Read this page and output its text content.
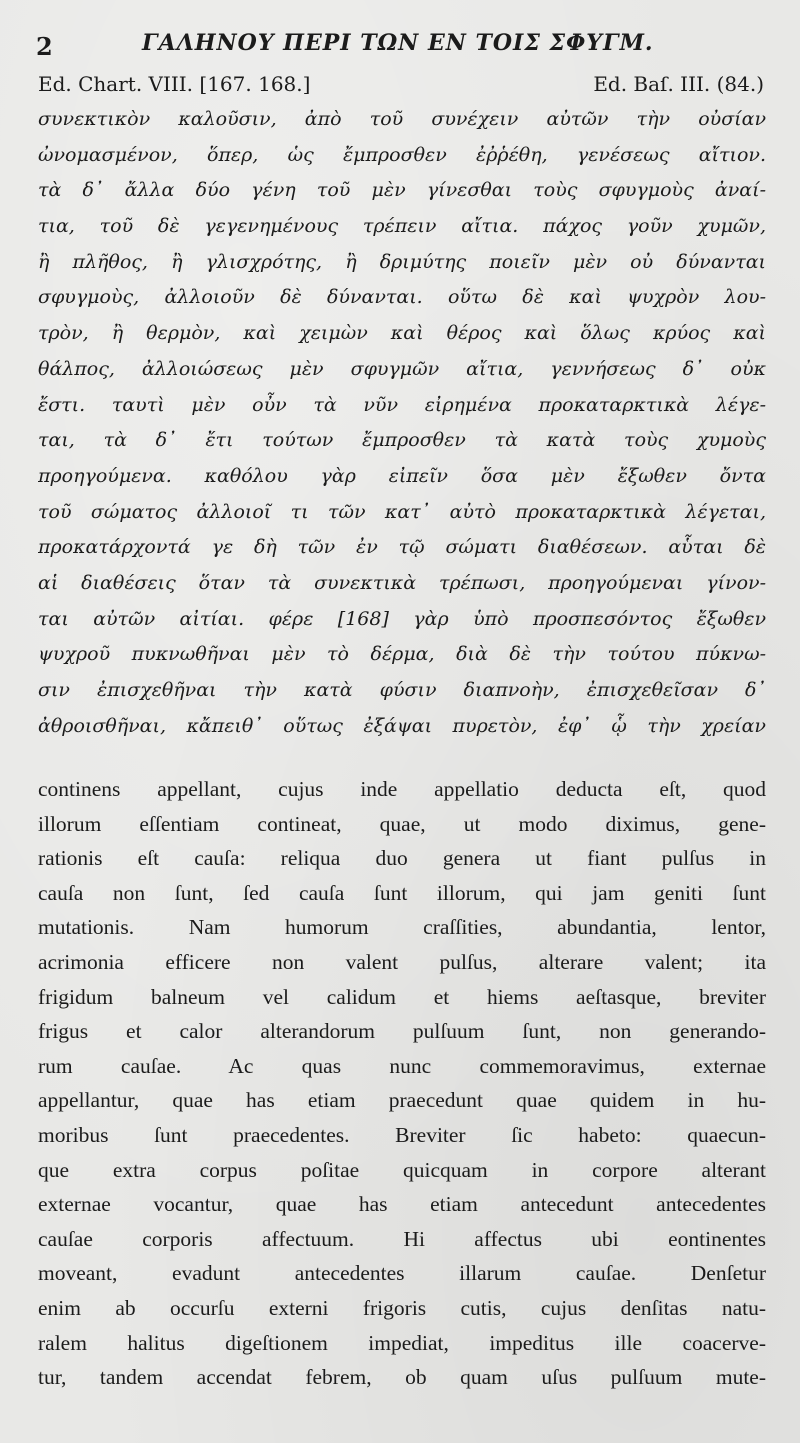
2	ΓΑΛΗΝΟΥ ΠΕΡΙ ΤΩΝ ΕΝ ΤΟΙΣ ΣΦΥΓΜ.
Ed. Chart. VIII. [167. 168.]	Ed. Baſ. III. (84.)
συνεκτικὸν καλοῦσιν, ἀπὸ τοῦ συνέχειν αὐτῶν τὴν οὐσίαν
ὠνομασμένον, ὅπερ, ὡς ἔμπροσθεν ἐῤῥέθη, γενέσεως αἴτιον.
τὰ δ᾽ ἄλλα δύο γένη τοῦ μὲν γίνεσθαι τοὺς σφυγμοὺς ἀναί-
τια, τοῦ δὲ γεγενημένους τρέπειν αἴτια. πάχος γοῦν χυμῶν,
ἢ πλῆθος, ἢ γλισχρότης, ἢ δριμύτης ποιεῖν μὲν οὐ δύνανται
σφυγμοὺς, ἀλλοιοῦν δὲ δύνανται. οὕτω δὲ καὶ ψυχρὸν λου-
τρὸν, ἢ θερμὸν, καὶ χειμὼν καὶ θέρος καὶ ὅλως κρύος καὶ
θάλπος, ἀλλοιώσεως μὲν σφυγμῶν αἴτια, γεννήσεως δ᾽ οὐκ
ἔστι. ταυτὶ μὲν οὖν τὰ νῦν εἰρημένα προκαταρκτικὰ λέγε-
ται, τὰ δ᾽ ἔτι τούτων ἔμπροσθεν τὰ κατὰ τοὺς χυμοὺς
προηγούμενα. καθόλου γὰρ εἰπεῖν ὅσα μὲν ἔξωθεν ὄντα
τοῦ σώματος ἀλλοιοῖ τι τῶν κατ᾽ αὐτὸ προκαταρκτικὰ λέγεται,
προκατάρχοντά γε δὴ τῶν ἐν τῷ σώματι διαθέσεων. αὗται δὲ
αἱ διαθέσεις ὅταν τὰ συνεκτικὰ τρέπωσι, προηγούμεναι γίνον-
ται αὐτῶν αἰτίαι. φέρε [168] γὰρ ὑπὸ προσπεσόντος ἔξωθεν
ψυχροῦ πυκνωθῆναι μὲν τὸ δέρμα, διὰ δὲ τὴν τούτου πύκνω-
σιν ἐπισχεθῆναι τὴν κατὰ φύσιν διαπνοὴν, ἐπισχεθεῖσαν δ᾽
ἀθροισθῆναι, κἄπειθ᾽ οὕτως ἐξάψαι πυρετὸν, ἐφ᾽ ᾧ τὴν χρείαν
continens appellant, cujus inde appellatio deducta eſt, quod
illorum eſſentiam contineat, quae, ut modo diximus, gene-
rationis eſt cauſa: reliqua duo genera ut fiant pulſus in
cauſa non ſunt, ſed cauſa ſunt illorum, qui jam geniti ſunt
mutationis. Nam humorum craſſities, abundantia, lentor,
acrimonia efficere non valent pulſus, alterare valent; ita
frigidum balneum vel calidum et hiems aeſtasque, breviter
frigus et calor alterandorum pulſuum ſunt, non generando-
rum cauſae. Ac quas nunc commemoravimus, externae
appellantur, quae has etiam praecedunt quae quidem in hu-
moribus ſunt praecedentes. Breviter ſic habeto: quaecun-
que extra corpus poſitae quicquam in corpore alterant
externae vocantur, quae has etiam antecedunt antecedentes
cauſae corporis affectuum. Hi affectus ubi eontinentes
moveant, evadunt antecedentes illarum cauſae. Denſetur
enim ab occurſu externi frigoris cutis, cujus denſitas natu-
ralem halitus digeſtionem impediat, impeditus ille coacerve-
tur, tandem accendat febrem, ob quam uſus pulſuum mute-
